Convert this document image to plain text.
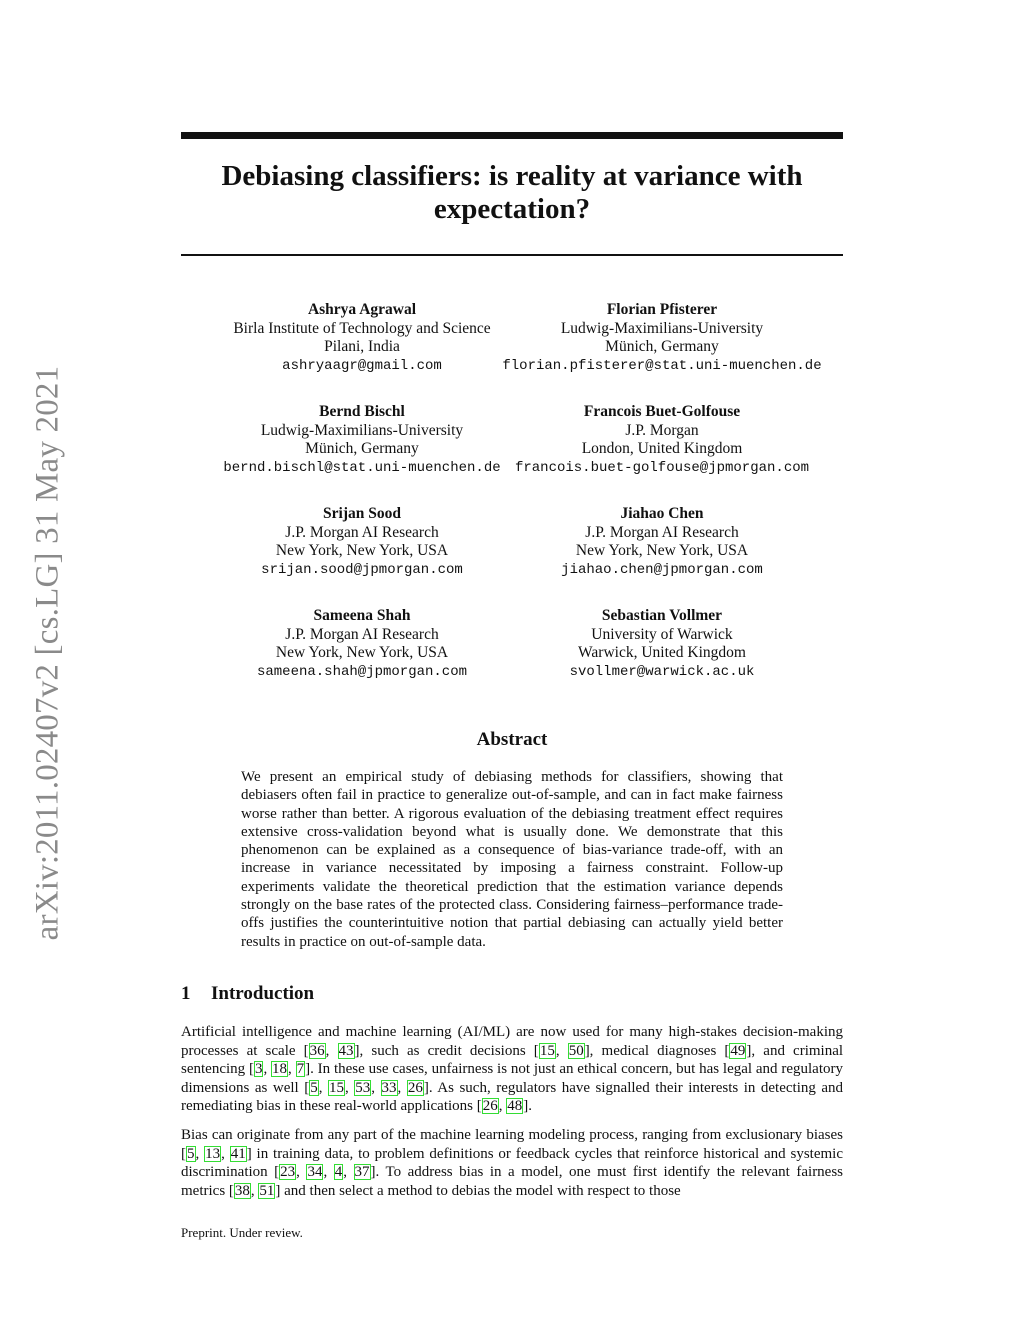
arXiv:2011.02407v2 [cs.LG] 31 May 2021
Debiasing classifiers: is reality at variance with
expectation?
Ashrya Agrawal
Birla Institute of Technology and Science
Pilani, India
ashryaagr@gmail.com
Florian Pfisterer
Ludwig-Maximilians-University
Münich, Germany
florian.pfisterer@stat.uni-muenchen.de
Bernd Bischl
Ludwig-Maximilians-University
Münich, Germany
bernd.bischl@stat.uni-muenchen.de
Francois Buet-Golfouse
J.P. Morgan
London, United Kingdom
francois.buet-golfouse@jpmorgan.com
Srijan Sood
J.P. Morgan AI Research
New York, New York, USA
srijan.sood@jpmorgan.com
Jiahao Chen
J.P. Morgan AI Research
New York, New York, USA
jiahao.chen@jpmorgan.com
Sameena Shah
J.P. Morgan AI Research
New York, New York, USA
sameena.shah@jpmorgan.com
Sebastian Vollmer
University of Warwick
Warwick, United Kingdom
svollmer@warwick.ac.uk
Abstract

We present an empirical study of debiasing methods for classifiers, showing that debiasers often fail in practice to generalize out-of-sample, and can in fact make fairness worse rather than better. A rigorous evaluation of the debiasing treatment effect requires extensive cross-validation beyond what is usually done. We demonstrate that this phenomenon can be explained as a consequence of bias-variance trade-off, with an increase in variance necessitated by imposing a fairness constraint. Follow-up experiments validate the theoretical prediction that the estimation variance depends strongly on the base rates of the protected class. Considering fairness–performance trade-offs justifies the counterintuitive notion that partial debiasing can actually yield better results in practice on out-of-sample data.

1 Introduction

Artificial intelligence and machine learning (AI/ML) are now used for many high-stakes decision-making processes at scale [36, 43], such as credit decisions [15, 50], medical diagnoses [49], and criminal sentencing [3, 18, 7]. In these use cases, unfairness is not just an ethical concern, but has legal and regulatory dimensions as well [5, 15, 53, 33, 26]. As such, regulators have signalled their interests in detecting and remediating bias in these real-world applications [26, 48].

Bias can originate from any part of the machine learning modeling process, ranging from exclusionary biases [5, 13, 41] in training data, to problem definitions or feedback cycles that reinforce historical and systemic discrimination [23, 34, 4, 37]. To address bias in a model, one must first identify the relevant fairness metrics [38, 51] and then select a method to debias the model with respect to those

Preprint. Under review.
